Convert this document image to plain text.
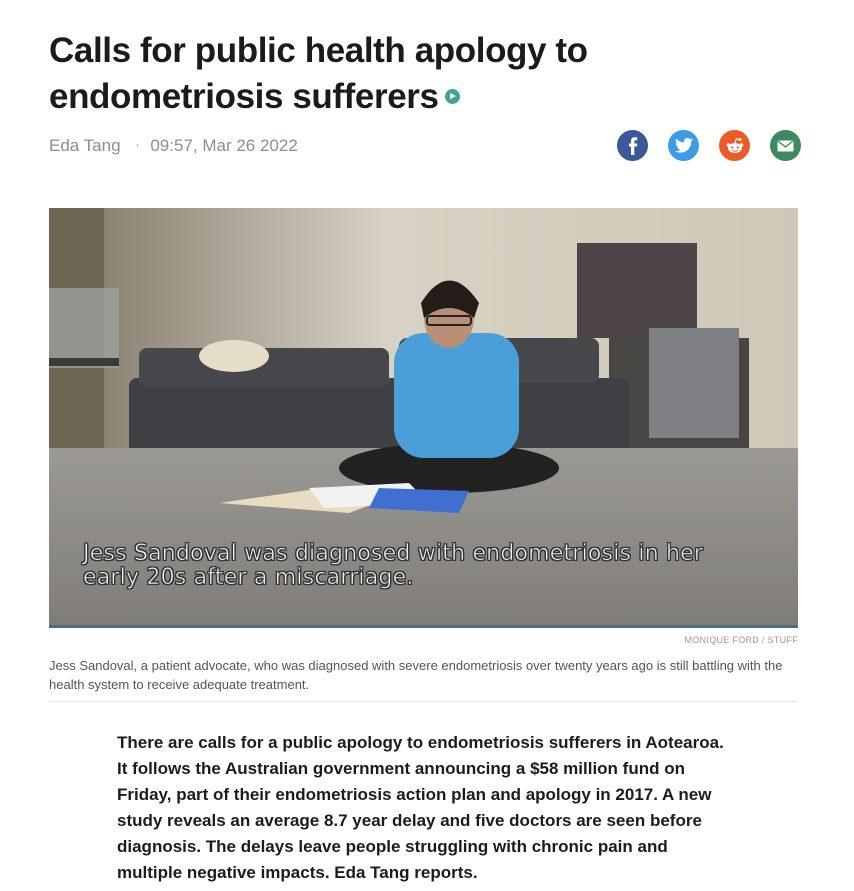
Calls for public health apology to endometriosis sufferers
Eda Tang · 09:57, Mar 26 2022
Jess Sandoval was diagnosed with endometriosis in her
early 20s after a miscarriage.
MONIQUE FORD / STUFF

Jess Sandoval, a patient advocate, who was diagnosed with severe endometriosis over twenty years ago is still battling with the health system to receive adequate treatment.

There are calls for a public apology to endometriosis sufferers in Aotearoa. It follows the Australian government announcing a $58 million fund on Friday, part of their endometriosis action plan and apology in 2017. A new study reveals an average 8.7 year delay and five doctors are seen before diagnosis. The delays leave people struggling with chronic pain and multiple negative impacts. Eda Tang reports.
